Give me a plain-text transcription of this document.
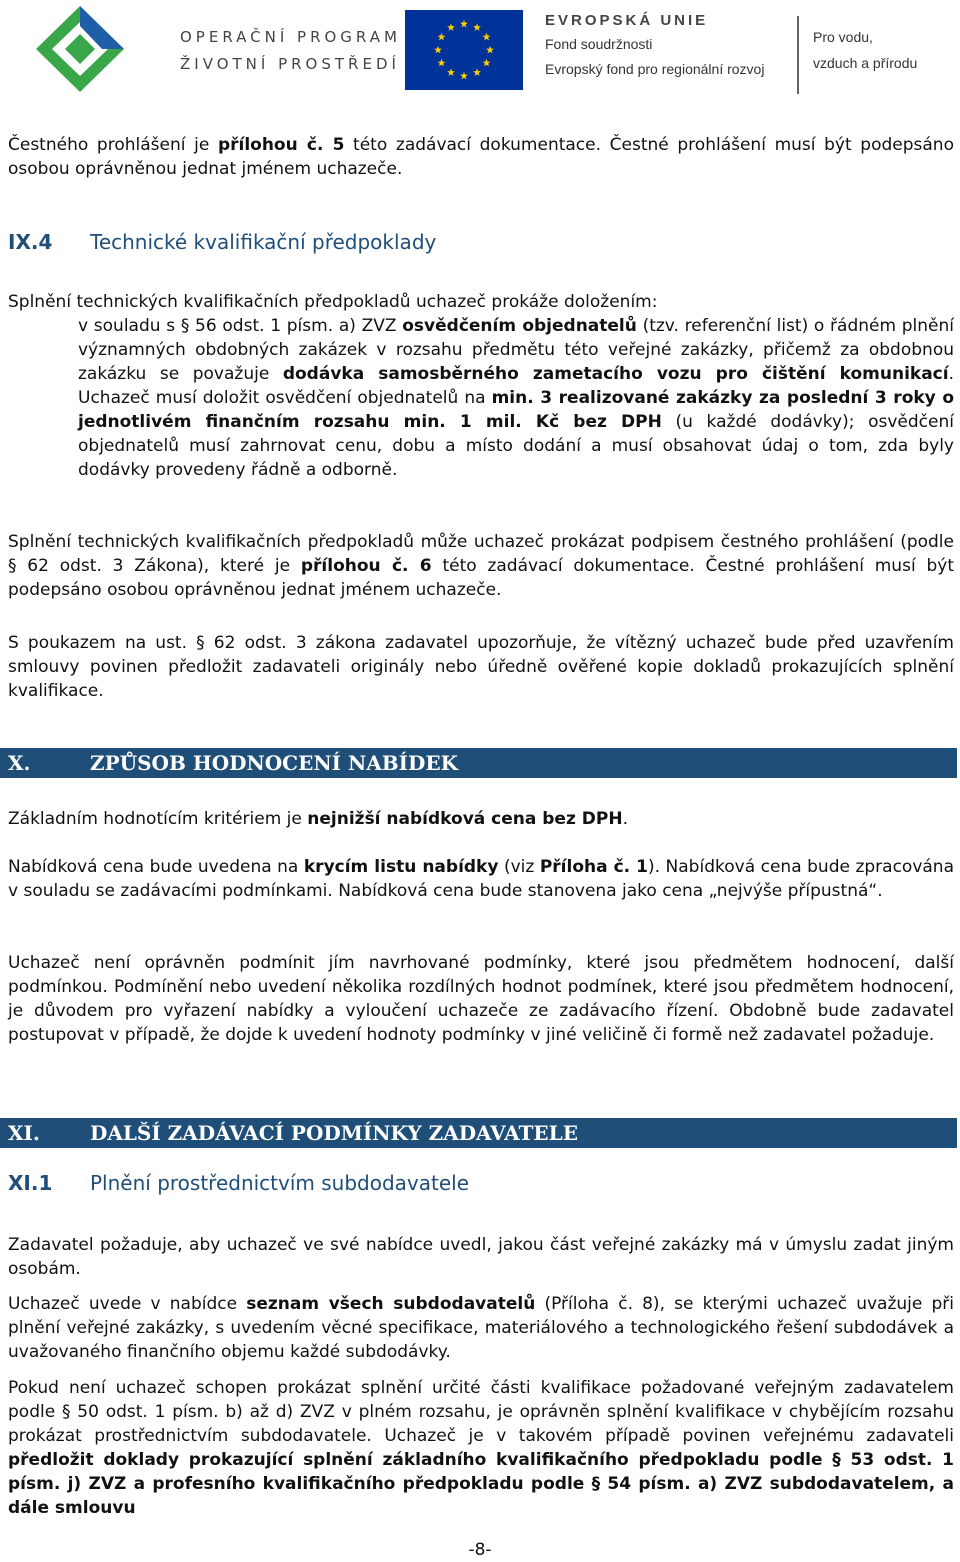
OPERAČNÍ PROGRAM
ŽIVOTNÍ PROSTŘEDÍ
EVROPSKÁ UNIE
Fond soudržnosti
Evropský fond pro regionální rozvoj
Pro vodu,
vzduch a přírodu

Čestného prohlášení je přílohou č. 5 této zadávací dokumentace. Čestné prohlášení musí být podepsáno osobou oprávněnou jednat jménem uchazeče.

IX.4 Technické kvalifikační předpoklady

Splnění technických kvalifikačních předpokladů uchazeč prokáže doložením:

v souladu s § 56 odst. 1 písm. a) ZVZ osvědčením objednatelů (tzv. referenční list) o řádném plnění významných obdobných zakázek v rozsahu předmětu této veřejné zakázky, přičemž za obdobnou zakázku se považuje dodávka samosběrného zametacího vozu pro čištění komunikací. Uchazeč musí doložit osvědčení objednatelů na min. 3 realizované zakázky za poslední 3 roky o jednotlivém finančním rozsahu min. 1 mil. Kč bez DPH (u každé dodávky); osvědčení objednatelů musí zahrnovat cenu, dobu a místo dodání a musí obsahovat údaj o tom, zda byly dodávky provedeny řádně a odborně.

Splnění technických kvalifikačních předpokladů může uchazeč prokázat podpisem čestného prohlášení (podle § 62 odst. 3 Zákona), které je přílohou č. 6 této zadávací dokumentace. Čestné prohlášení musí být podepsáno osobou oprávněnou jednat jménem uchazeče.

S poukazem na ust. § 62 odst. 3 zákona zadavatel upozorňuje, že vítězný uchazeč bude před uzavřením smlouvy povinen předložit zadavateli originály nebo úředně ověřené kopie dokladů prokazujících splnění kvalifikace.

X.	ZPŮSOB HODNOCENÍ NABÍDEK

Základním hodnotícím kritériem je nejnižší nabídková cena bez DPH.

Nabídková cena bude uvedena na krycím listu nabídky (viz Příloha č. 1). Nabídková cena bude zpracována v souladu se zadávacími podmínkami. Nabídková cena bude stanovena jako cena „nejvýše přípustná“.

Uchazeč není oprávněn podmínit jím navrhované podmínky, které jsou předmětem hodnocení, další podmínkou. Podmínění nebo uvedení několika rozdílných hodnot podmínek, které jsou předmětem hodnocení, je důvodem pro vyřazení nabídky a vyloučení uchazeče ze zadávacího řízení. Obdobně bude zadavatel postupovat v případě, že dojde k uvedení hodnoty podmínky v jiné veličině či formě než zadavatel požaduje.

XI.	DALŠÍ ZADÁVACÍ PODMÍNKY ZADAVATELE
XI.1 Plnění prostřednictvím subdodavatele

Zadavatel požaduje, aby uchazeč ve své nabídce uvedl, jakou část veřejné zakázky má v úmyslu zadat jiným osobám.

Uchazeč uvede v nabídce seznam všech subdodavatelů (Příloha č. 8), se kterými uchazeč uvažuje při plnění veřejné zakázky, s uvedením věcné specifikace, materiálového a technologického řešení subdodávek a uvažovaného finančního objemu každé subdodávky.

Pokud není uchazeč schopen prokázat splnění určité části kvalifikace požadované veřejným zadavatelem podle § 50 odst. 1 písm. b) až d) ZVZ v plném rozsahu, je oprávněn splnění kvalifikace v chybějícím rozsahu prokázat prostřednictvím subdodavatele. Uchazeč je v takovém případě povinen veřejnému zadavateli předložit doklady prokazující splnění základního kvalifikačního předpokladu podle § 53 odst. 1 písm. j) ZVZ a profesního kvalifikačního předpokladu podle § 54 písm. a) ZVZ subdodavatelem, a dále smlouvu

-8-
